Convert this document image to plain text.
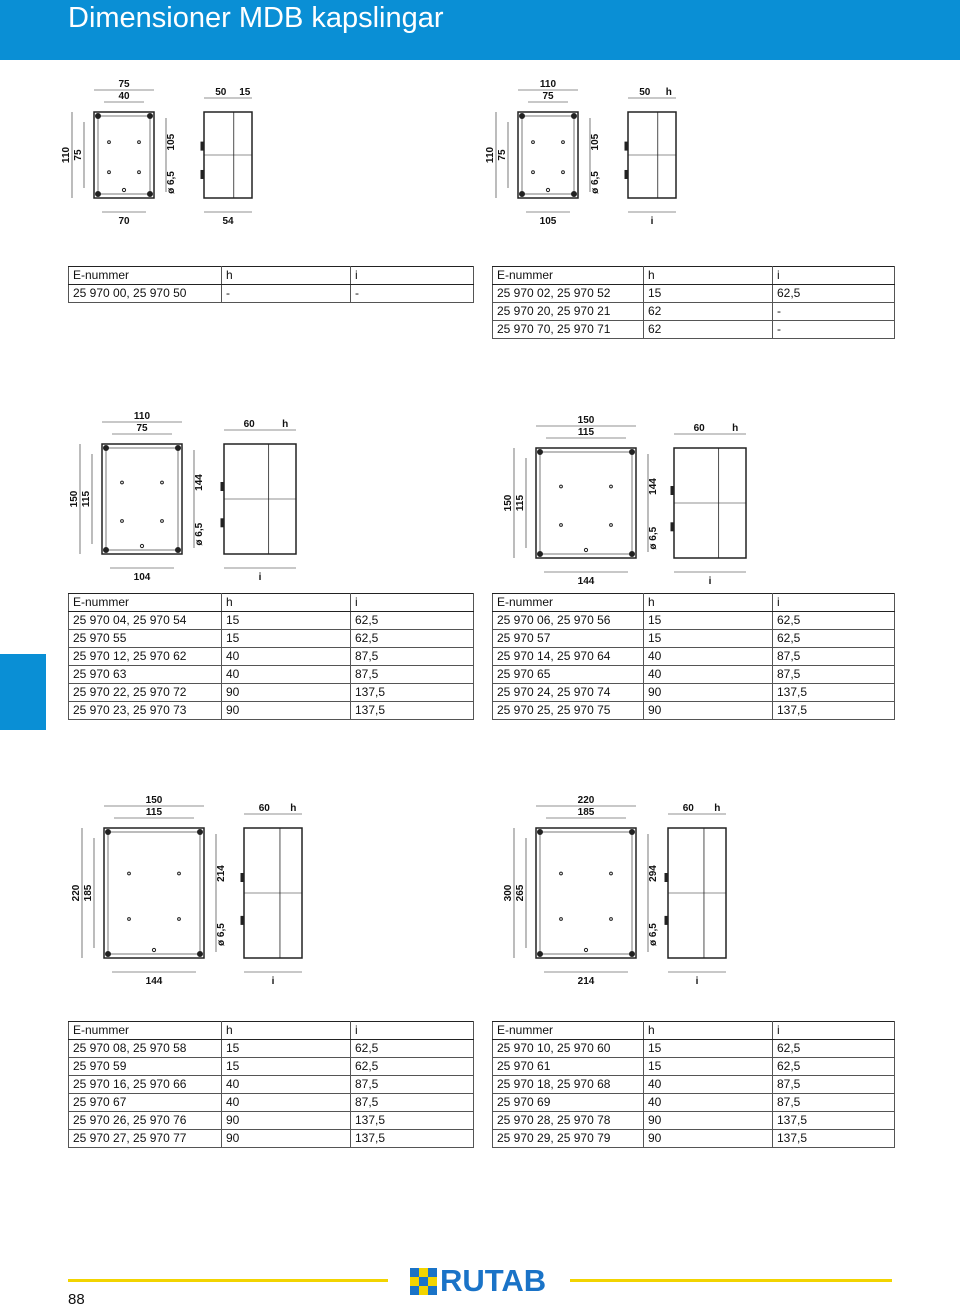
Dimensioner MDB kapslingar
75
40	50 15
110 75
105
ø 6,5
70	54
110
75	50 h
110 75
105
ø 6,5
105	i
110
75	60	h
150 115
144
ø 6,5
104	i
150
115	60	h
150 115
144
ø 6,5
144	i
150
115	60 h
220 185
214
ø 6,5
144	i
220
185	60 h
300 265
294
ø 6,5
214	i
E-nummer	h	i
25 970 00, 25 970 50	-	-
E-nummer	h	i
25 970 02, 25 970 52	15	62,5
25 970 20, 25 970 21	62	-
25 970 70, 25 970 71	62	-
E-nummer	h	i
25 970 04, 25 970 54	15	62,5
25 970 55	15	62,5
25 970 12, 25 970 62	40	87,5
25 970 63	40	87,5
25 970 22, 25 970 72	90	137,5
25 970 23, 25 970 73	90	137,5
E-nummer	h	i
25 970 06, 25 970 56	15	62,5
25 970 57	15	62,5
25 970 14, 25 970 64	40	87,5
25 970 65	40	87,5
25 970 24, 25 970 74	90	137,5
25 970 25, 25 970 75	90	137,5
E-nummer	h	i
25 970 08, 25 970 58	15	62,5
25 970 59	15	62,5
25 970 16, 25 970 66	40	87,5
25 970 67	40	87,5
25 970 26, 25 970 76	90	137,5
25 970 27, 25 970 77	90	137,5
E-nummer	h	i
25 970 10, 25 970 60	15	62,5
25 970 61	15	62,5
25 970 18, 25 970 68	40	87,5
25 970 69	40	87,5
25 970 28, 25 970 78	90	137,5
25 970 29, 25 970 79	90	137,5
RUTAB
88
